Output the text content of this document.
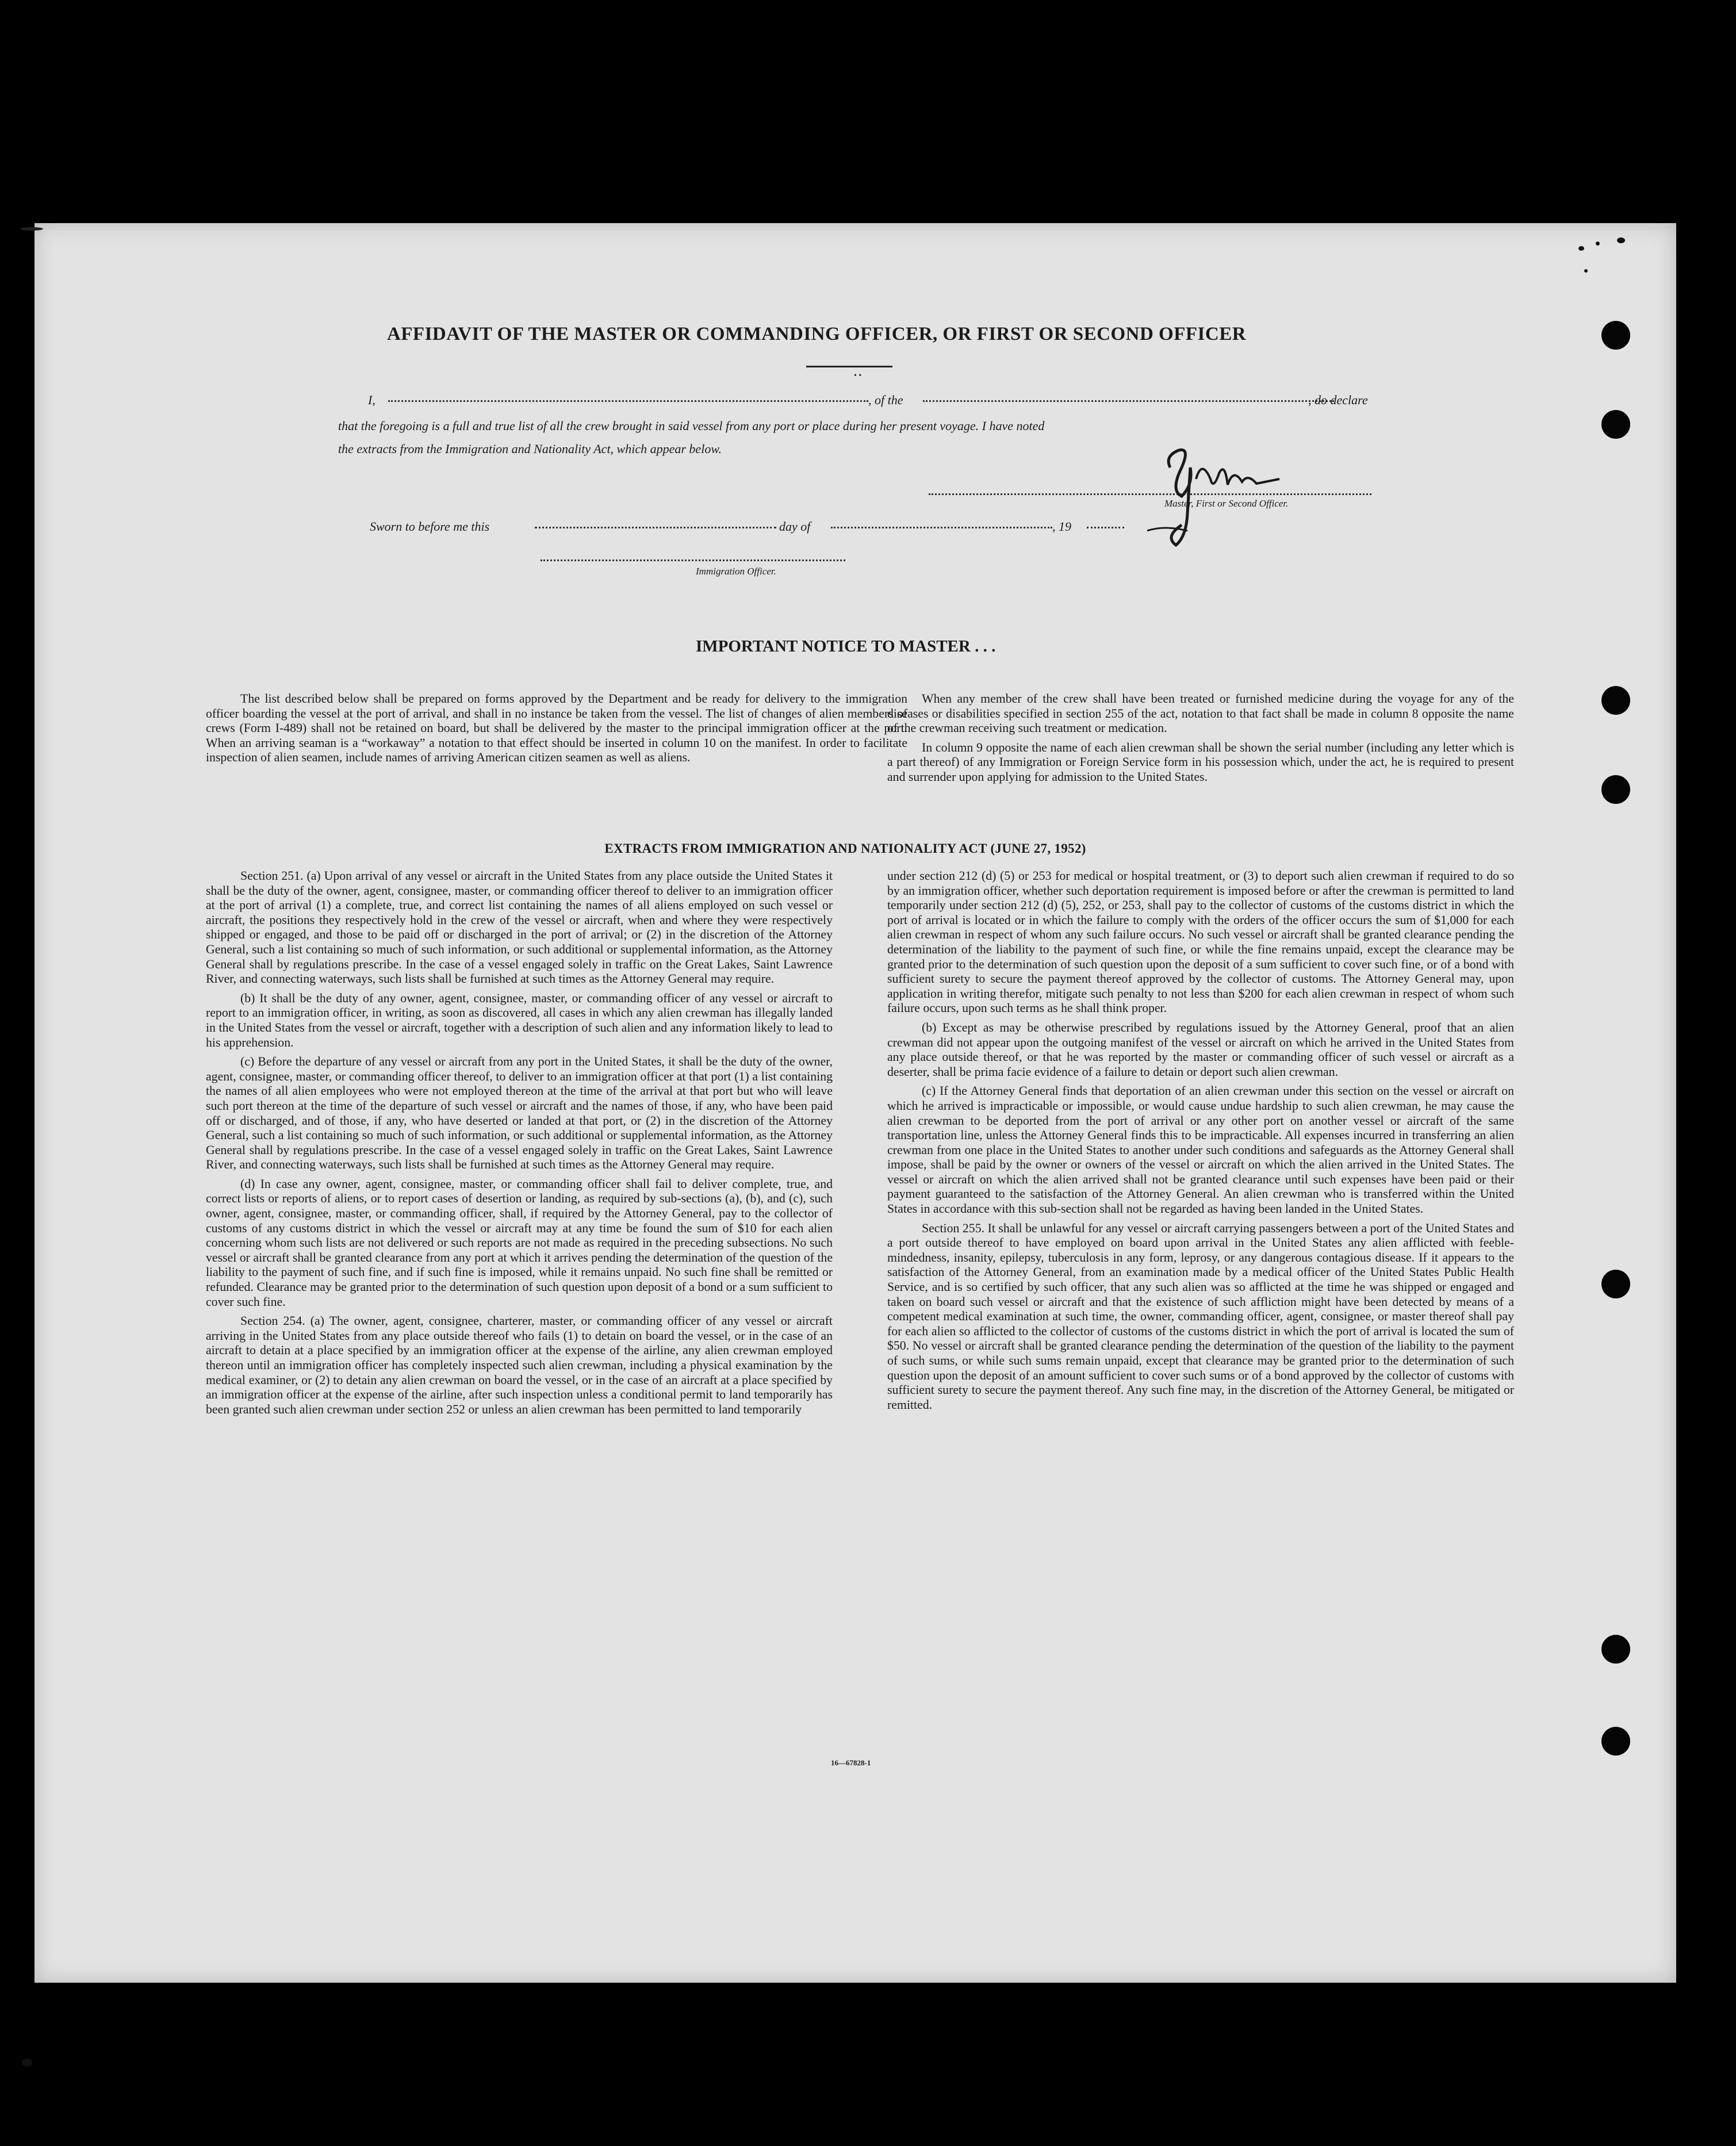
AFFIDAVIT OF THE MASTER OR COMMANDING OFFICER, OR FIRST OR SECOND OFFICER
• •
I,	, of the	, do declare
that the foregoing is a full and true list of all the crew brought in said vessel from any port or place during her present voyage. I have noted
the extracts from the Immigration and Nationality Act, which appear below.
Master, First or Second Officer.
Sworn to before me this	day of	, 19
Immigration Officer.
IMPORTANT NOTICE TO MASTER . . .

The list described below shall be prepared on forms approved by the Department and be ready for delivery to the immigration officer boarding the vessel at the port of arrival, and shall in no instance be taken from the vessel. The list of changes of alien members of crews (Form I-489) shall not be retained on board, but shall be delivered by the master to the principal immigration officer at the port. When an arriving seaman is a “workaway” a notation to that effect should be inserted in column 10 on the manifest. In order to facilitate inspection of alien seamen, include names of arriving American citizen seamen as well as aliens.

When any member of the crew shall have been treated or furnished medicine during the voyage for any of the diseases or disabilities specified in section 255 of the act, notation to that fact shall be made in column 8 opposite the name of the crewman receiving such treatment or medication.

In column 9 opposite the name of each alien crewman shall be shown the serial number (including any letter which is a part thereof) of any Immigration or Foreign Service form in his possession which, under the act, he is required to present and surrender upon applying for admission to the United States.

EXTRACTS FROM IMMIGRATION AND NATIONALITY ACT (JUNE 27, 1952)

Section 251. (a) Upon arrival of any vessel or aircraft in the United States from any place outside the United States it shall be the duty of the owner, agent, consignee, master, or commanding officer thereof to deliver to an immigration officer at the port of arrival (1) a complete, true, and correct list containing the names of all aliens employed on such vessel or aircraft, the positions they respectively hold in the crew of the vessel or aircraft, when and where they were respectively shipped or engaged, and those to be paid off or discharged in the port of arrival; or (2) in the discretion of the Attorney General, such a list containing so much of such information, or such additional or supplemental information, as the Attorney General shall by regulations prescribe. In the case of a vessel engaged solely in traffic on the Great Lakes, Saint Lawrence River, and connecting waterways, such lists shall be furnished at such times as the Attorney General may require.

(b) It shall be the duty of any owner, agent, consignee, master, or commanding officer of any vessel or aircraft to report to an immigration officer, in writing, as soon as discovered, all cases in which any alien crewman has illegally landed in the United States from the vessel or aircraft, together with a description of such alien and any information likely to lead to his apprehension.

(c) Before the departure of any vessel or aircraft from any port in the United States, it shall be the duty of the owner, agent, consignee, master, or commanding officer thereof, to deliver to an immigration officer at that port (1) a list containing the names of all alien employees who were not employed thereon at the time of the arrival at that port but who will leave such port thereon at the time of the departure of such vessel or aircraft and the names of those, if any, who have been paid off or discharged, and of those, if any, who have deserted or landed at that port, or (2) in the discretion of the Attorney General, such a list containing so much of such information, or such additional or supplemental information, as the Attorney General shall by regulations prescribe. In the case of a vessel engaged solely in traffic on the Great Lakes, Saint Lawrence River, and connecting waterways, such lists shall be furnished at such times as the Attorney General may require.

(d) In case any owner, agent, consignee, master, or commanding officer shall fail to deliver complete, true, and correct lists or reports of aliens, or to report cases of desertion or landing, as required by sub-sections (a), (b), and (c), such owner, agent, consignee, master, or commanding officer, shall, if required by the Attorney General, pay to the collector of customs of any customs district in which the vessel or aircraft may at any time be found the sum of $10 for each alien concerning whom such lists are not delivered or such reports are not made as required in the preceding subsections. No such vessel or aircraft shall be granted clearance from any port at which it arrives pending the determination of the question of the liability to the payment of such fine, and if such fine is imposed, while it remains unpaid. No such fine shall be remitted or refunded. Clearance may be granted prior to the determination of such question upon deposit of a bond or a sum sufficient to cover such fine.

Section 254. (a) The owner, agent, consignee, charterer, master, or commanding officer of any vessel or aircraft arriving in the United States from any place outside thereof who fails (1) to detain on board the vessel, or in the case of an aircraft to detain at a place specified by an immigration officer at the expense of the airline, any alien crewman employed thereon until an immigration officer has completely inspected such alien crewman, including a physical examination by the medical examiner, or (2) to detain any alien crewman on board the vessel, or in the case of an aircraft at a place specified by an immigration officer at the expense of the airline, after such inspection unless a conditional permit to land temporarily has been granted such alien crewman under section 252 or unless an alien crewman has been permitted to land temporarily

under section 212 (d) (5) or 253 for medical or hospital treatment, or (3) to deport such alien crewman if required to do so by an immigration officer, whether such deportation requirement is imposed before or after the crewman is permitted to land temporarily under section 212 (d) (5), 252, or 253, shall pay to the collector of customs of the customs district in which the port of arrival is located or in which the failure to comply with the orders of the officer occurs the sum of $1,000 for each alien crewman in respect of whom any such failure occurs. No such vessel or aircraft shall be granted clearance pending the determination of the liability to the payment of such fine, or while the fine remains unpaid, except the clearance may be granted prior to the determination of such question upon the deposit of a sum sufficient to cover such fine, or of a bond with sufficient surety to secure the payment thereof approved by the collector of customs. The Attorney General may, upon application in writing therefor, mitigate such penalty to not less than $200 for each alien crewman in respect of whom such failure occurs, upon such terms as he shall think proper.

(b) Except as may be otherwise prescribed by regulations issued by the Attorney General, proof that an alien crewman did not appear upon the outgoing manifest of the vessel or aircraft on which he arrived in the United States from any place outside thereof, or that he was reported by the master or commanding officer of such vessel or aircraft as a deserter, shall be prima facie evidence of a failure to detain or deport such alien crewman.

(c) If the Attorney General finds that deportation of an alien crewman under this section on the vessel or aircraft on which he arrived is impracticable or impossible, or would cause undue hardship to such alien crewman, he may cause the alien crewman to be deported from the port of arrival or any other port on another vessel or aircraft of the same transportation line, unless the Attorney General finds this to be impracticable. All expenses incurred in transferring an alien crewman from one place in the United States to another under such conditions and safeguards as the Attorney General shall impose, shall be paid by the owner or owners of the vessel or aircraft on which the alien arrived in the United States. The vessel or aircraft on which the alien arrived shall not be granted clearance until such expenses have been paid or their payment guaranteed to the satisfaction of the Attorney General. An alien crewman who is transferred within the United States in accordance with this sub-section shall not be regarded as having been landed in the United States.

Section 255. It shall be unlawful for any vessel or aircraft carrying passengers between a port of the United States and a port outside thereof to have employed on board upon arrival in the United States any alien afflicted with feeble-mindedness, insanity, epilepsy, tuberculosis in any form, leprosy, or any dangerous contagious disease. If it appears to the satisfaction of the Attorney General, from an examination made by a medical officer of the United States Public Health Service, and is so certified by such officer, that any such alien was so afflicted at the time he was shipped or engaged and taken on board such vessel or aircraft and that the existence of such affliction might have been detected by means of a competent medical examination at such time, the owner, commanding officer, agent, consignee, or master thereof shall pay for each alien so afflicted to the collector of customs of the customs district in which the port of arrival is located the sum of $50. No vessel or aircraft shall be granted clearance pending the determination of the question of the liability to the payment of such sums, or while such sums remain unpaid, except that clearance may be granted prior to the determination of such question upon the deposit of an amount sufficient to cover such sums or of a bond approved by the collector of customs with sufficient surety to secure the payment thereof. Any such fine may, in the discretion of the Attorney General, be mitigated or remitted.

16—67828-1
